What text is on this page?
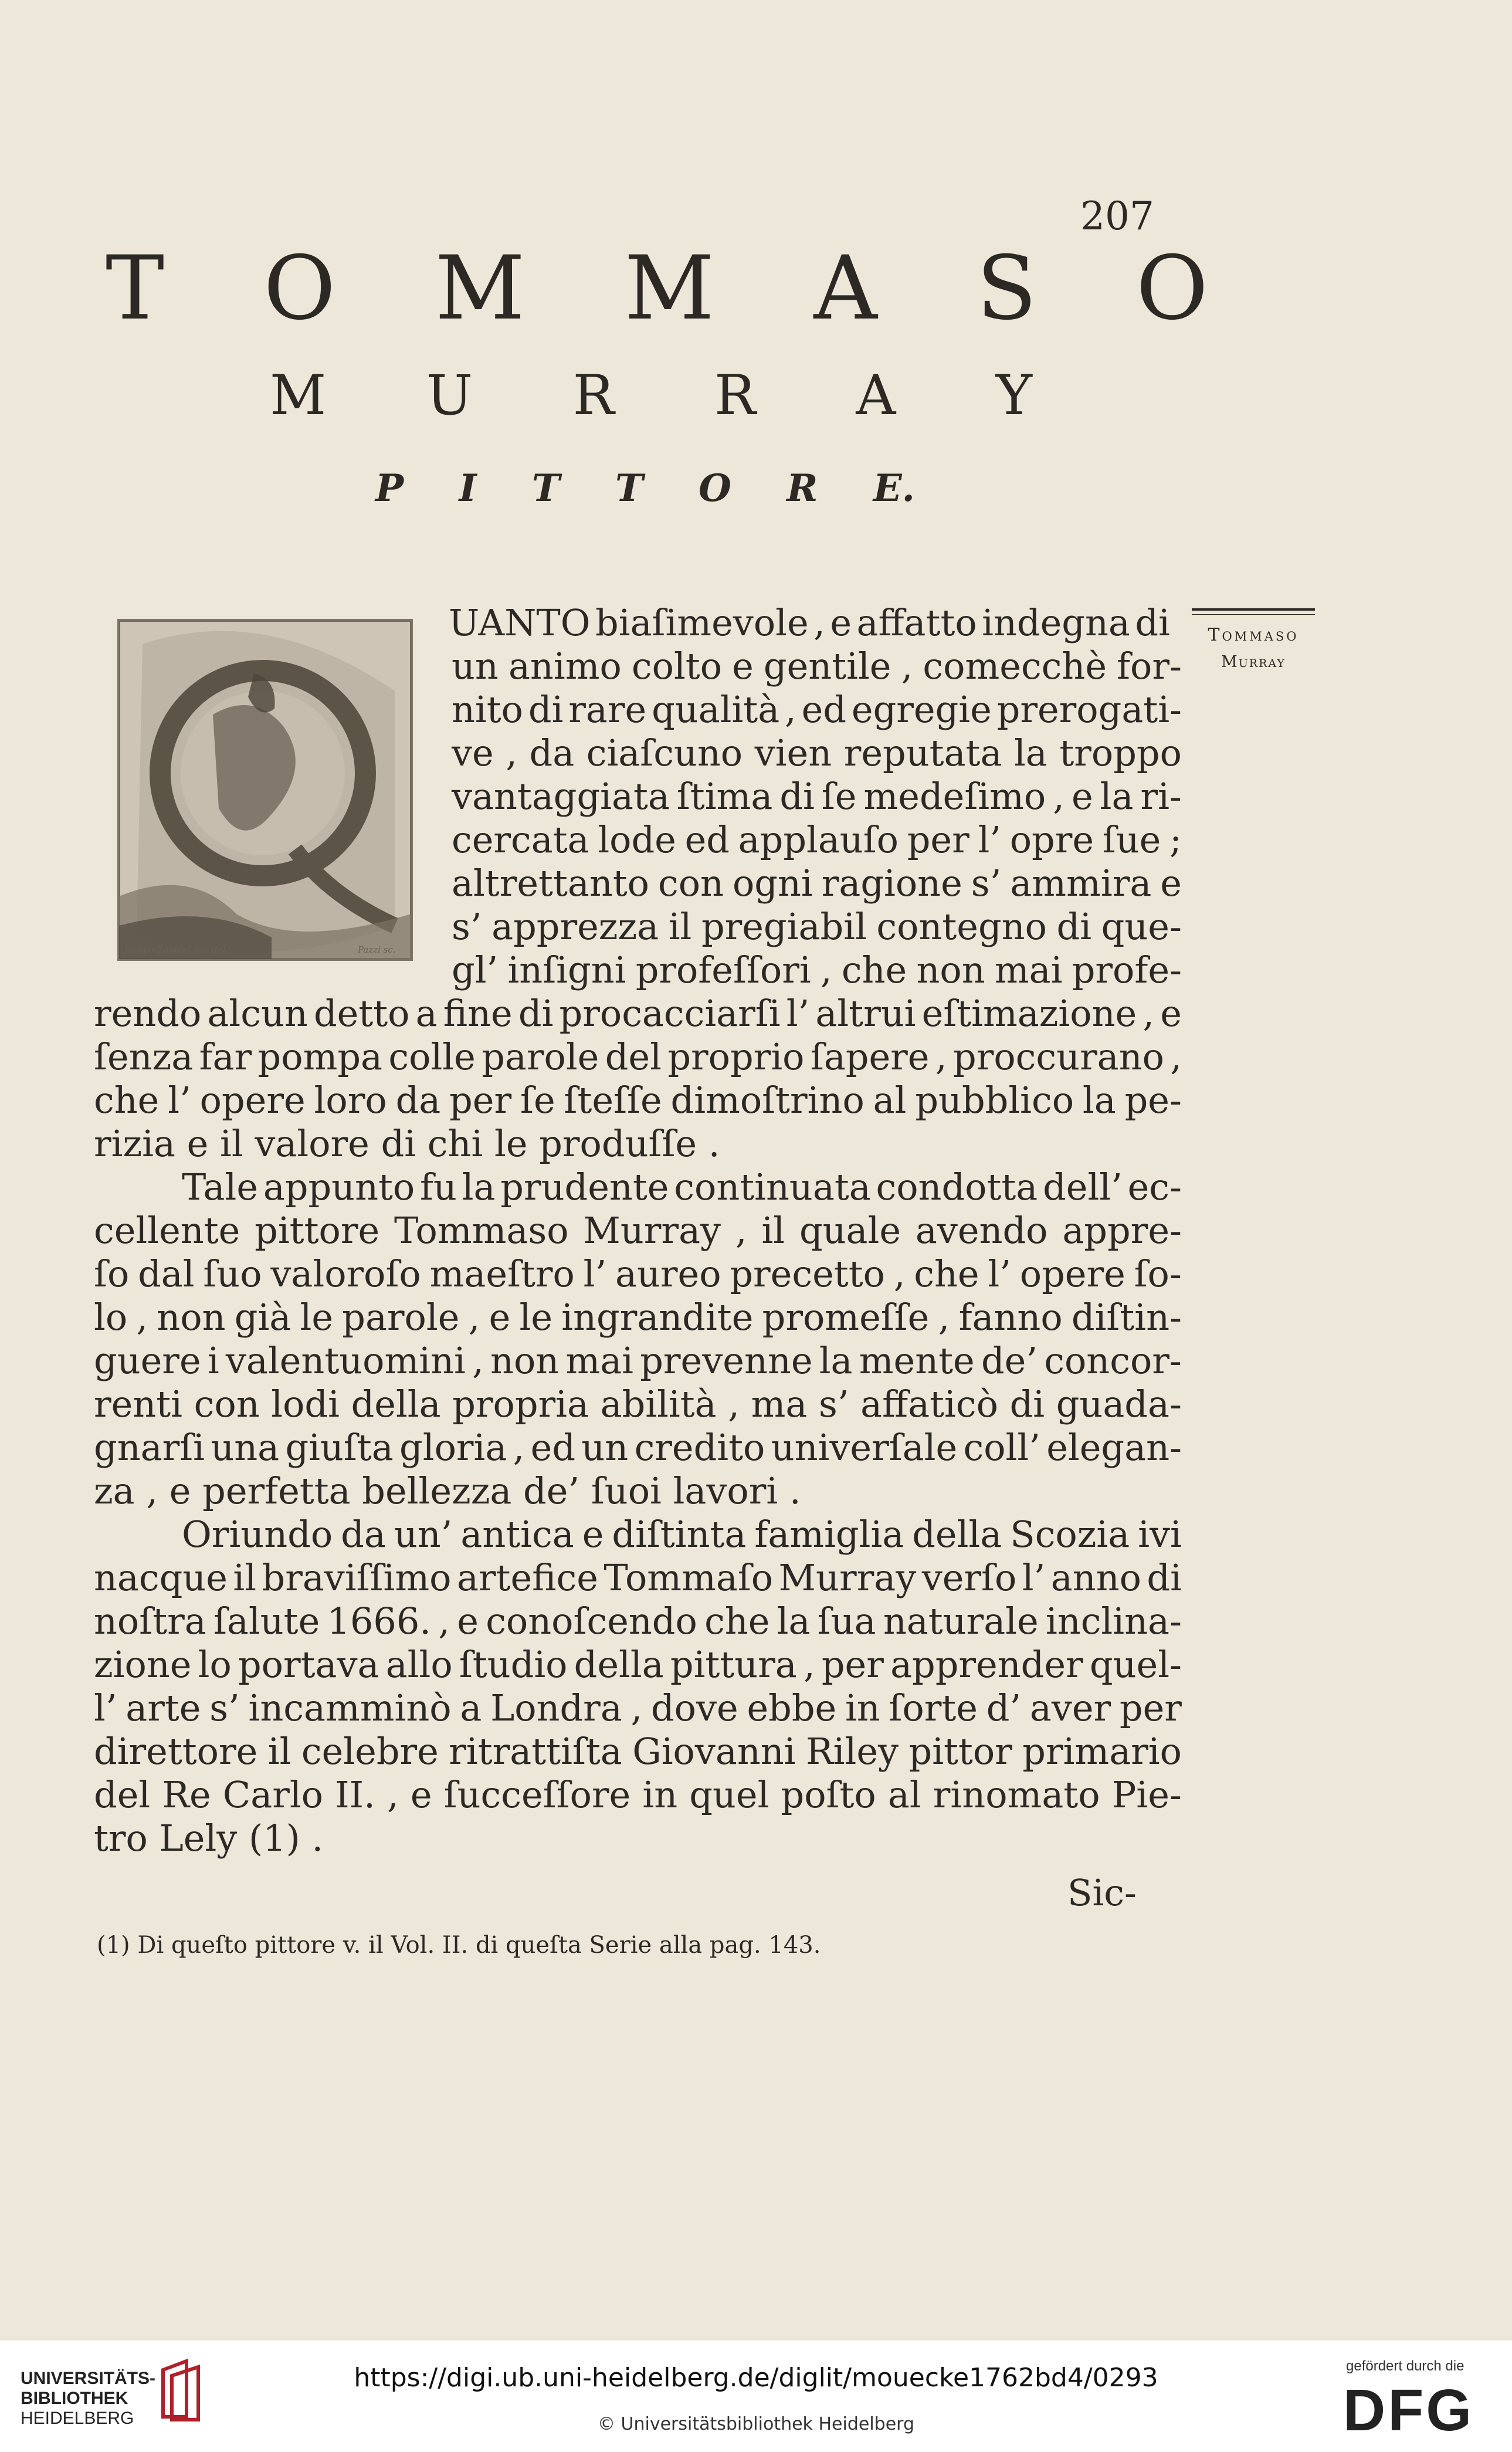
207
T O M M A S O
M U R R A Y
P I T T O R E.
Tommaso
Murray
Jacopo Zoppini inv. del.	Pazzi sc.
UANTO biaſimevole , e affatto indegna di
un animo colto e gentile , comecchè for-
nito di rare qualità , ed egregie prerogati-
ve , da ciaſcuno vien reputata la troppo
vantaggiata ſtima di ſe medeſimo , e la ri-
cercata lode ed applauſo per l’ opre ſue ;
altrettanto con ogni ragione s’ ammira e
s’ apprezza il pregiabil contegno di que-
gl’ inſigni profeſſori , che non mai profe-
rendo alcun detto a fine di procacciarſi l’ altrui eſtimazione , e
ſenza far pompa colle parole del proprio ſapere , proccurano ,
che l’ opere loro da per ſe ſteſſe dimoſtrino al pubblico la pe-
rizia e il valore di chi le produſſe .
Tale appunto fu la prudente continuata condotta dell’ ec-
cellente pittore Tommaso Murray , il quale avendo appre-
ſo dal ſuo valoroſo maeſtro l’ aureo precetto , che l’ opere ſo-
lo , non già le parole , e le ingrandite promeſſe , fanno diſtin-
guere i valentuomini , non mai prevenne la mente de’ concor-
renti con lodi della propria abilità , ma s’ affaticò di guada-
gnarſi una giuſta gloria , ed un credito univerſale coll’ elegan-
za , e perfetta bellezza de’ ſuoi lavori .
Oriundo da un’ antica e diſtinta famiglia della Scozia ivi
nacque il braviſſimo artefice Tommaſo Murray verſo l’ anno di
noſtra ſalute 1666. , e conoſcendo che la ſua naturale inclina-
zione lo portava allo ſtudio della pittura , per apprender quel-
l’ arte s’ incamminò a Londra , dove ebbe in ſorte d’ aver per
direttore il celebre ritrattiſta Giovanni Riley pittor primario
del Re Carlo II. , e ſucceſſore in quel poſto al rinomato Pie-
tro Lely (1) .
Sic-
(1) Di queſto pittore v. il Vol. II. di queſta Serie alla pag. 143.
UNIVERSITÄTS-
BIBLIOTHEK
HEIDELBERG
https://digi.ub.uni-heidelberg.de/diglit/mouecke1762bd4/0293
© Universitätsbibliothek Heidelberg
gefördert durch die
DFG
